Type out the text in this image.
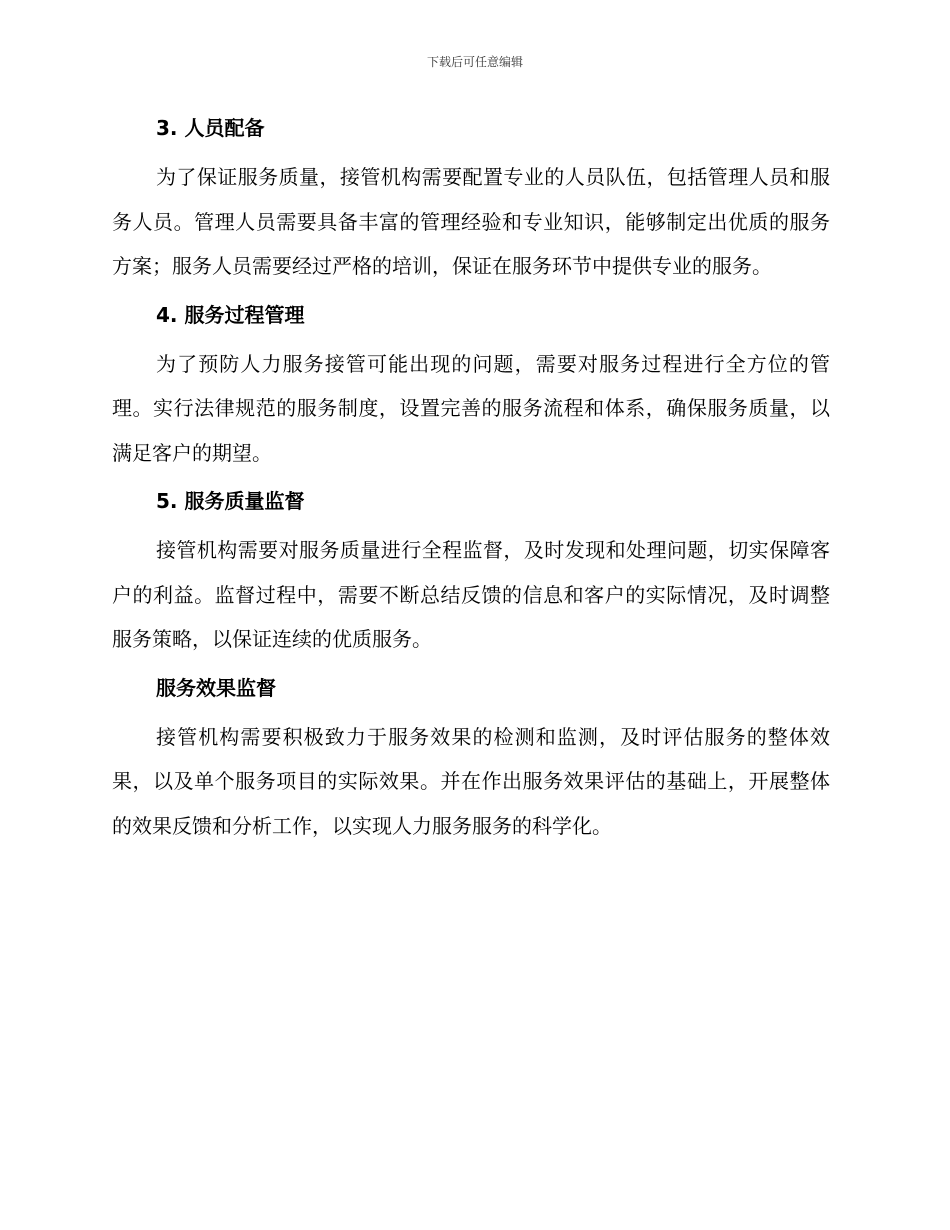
下载后可任意编辑
3. 人员配备

为了保证服务质量，接管机构需要配置专业的人员队伍，包括管理人员和服务人员。管理人员需要具备丰富的管理经验和专业知识，能够制定出优质的服务方案；服务人员需要经过严格的培训，保证在服务环节中提供专业的服务。

4. 服务过程管理

为了预防人力服务接管可能出现的问题，需要对服务过程进行全方位的管理。实行法律规范的服务制度，设置完善的服务流程和体系，确保服务质量，以满足客户的期望。

5. 服务质量监督

接管机构需要对服务质量进行全程监督，及时发现和处理问题，切实保障客户的利益。监督过程中，需要不断总结反馈的信息和客户的实际情况，及时调整服务策略，以保证连续的优质服务。

服务效果监督

接管机构需要积极致力于服务效果的检测和监测，及时评估服务的整体效果，以及单个服务项目的实际效果。并在作出服务效果评估的基础上，开展整体的效果反馈和分析工作，以实现人力服务服务的科学化。
